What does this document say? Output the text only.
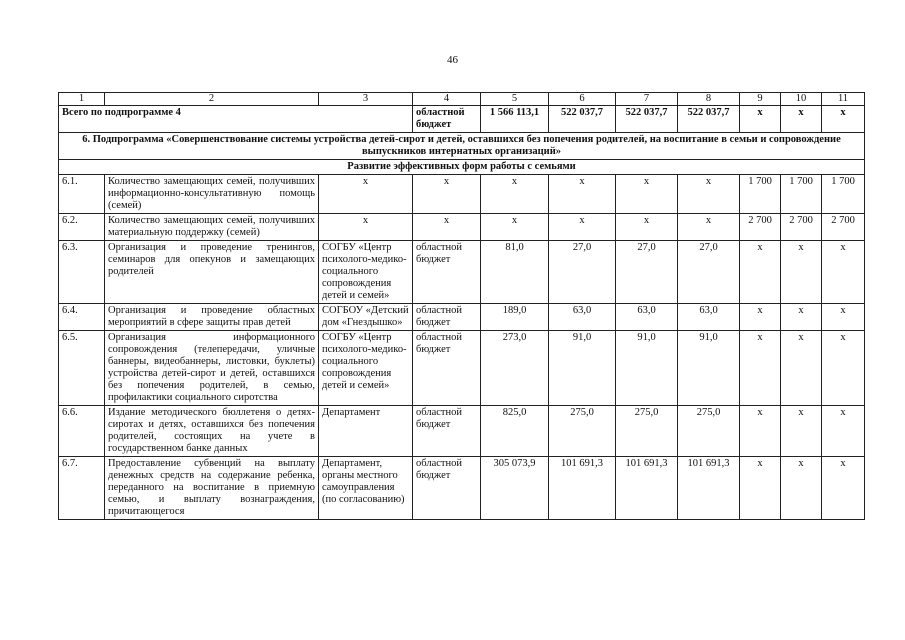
46
1	2	3	4	5	6	7	8	9	10	11
Всего по подпрограмме 4			областной бюджет	1 566 113,1	522 037,7	522 037,7	522 037,7	x	x	x
6. Подпрограмма «Совершенствование системы устройства детей-сирот и детей, оставшихся без попечения родителей, на воспитание в семьи и сопровождение выпускников интернатных организаций»										
Развитие эффективных форм работы с семьями										
6.1.	Количество замещающих семей, получивших информационно-консультативную помощь (семей)	x	x	x	x	x	x	1 700	1 700	1 700
6.2.	Количество замещающих семей, получивших материальную поддержку (семей)	x	x	x	x	x	x	2 700	2 700	2 700
6.3.	Организация и проведение тренингов, семинаров для опекунов и замещающих родителей	СОГБУ «Центр психолого-медико-социального сопровождения детей и семей»	областной бюджет	81,0	27,0	27,0	27,0	x	x	x
6.4.	Организация и проведение областных мероприятий в сфере защиты прав детей	СОГБОУ «Детский дом «Гнездышко»	областной бюджет	189,0	63,0	63,0	63,0	x	x	x
6.5.	Организация информационного сопровождения (телепередачи, уличные баннеры, видеобаннеры, листовки, буклеты) устройства детей-сирот и детей, оставшихся без попечения родителей, в семью, профилактики социального сиротства	СОГБУ «Центр психолого-медико-социального сопровождения детей и семей»	областной бюджет	273,0	91,0	91,0	91,0	x	x	x
6.6.	Издание методического бюллетеня о детях-сиротах и детях, оставшихся без попечения родителей, состоящих на учете в государственном банке данных	Департамент	областной бюджет	825,0	275,0	275,0	275,0	x	x	x
6.7.	Предоставление субвенций на выплату денежных средств на содержание ребенка, переданного на воспитание в приемную семью, и выплату вознаграждения, причитающегося	Департамент, органы местного самоуправления (по согласованию)	областной бюджет	305 073,9	101 691,3	101 691,3	101 691,3	x	x	x
